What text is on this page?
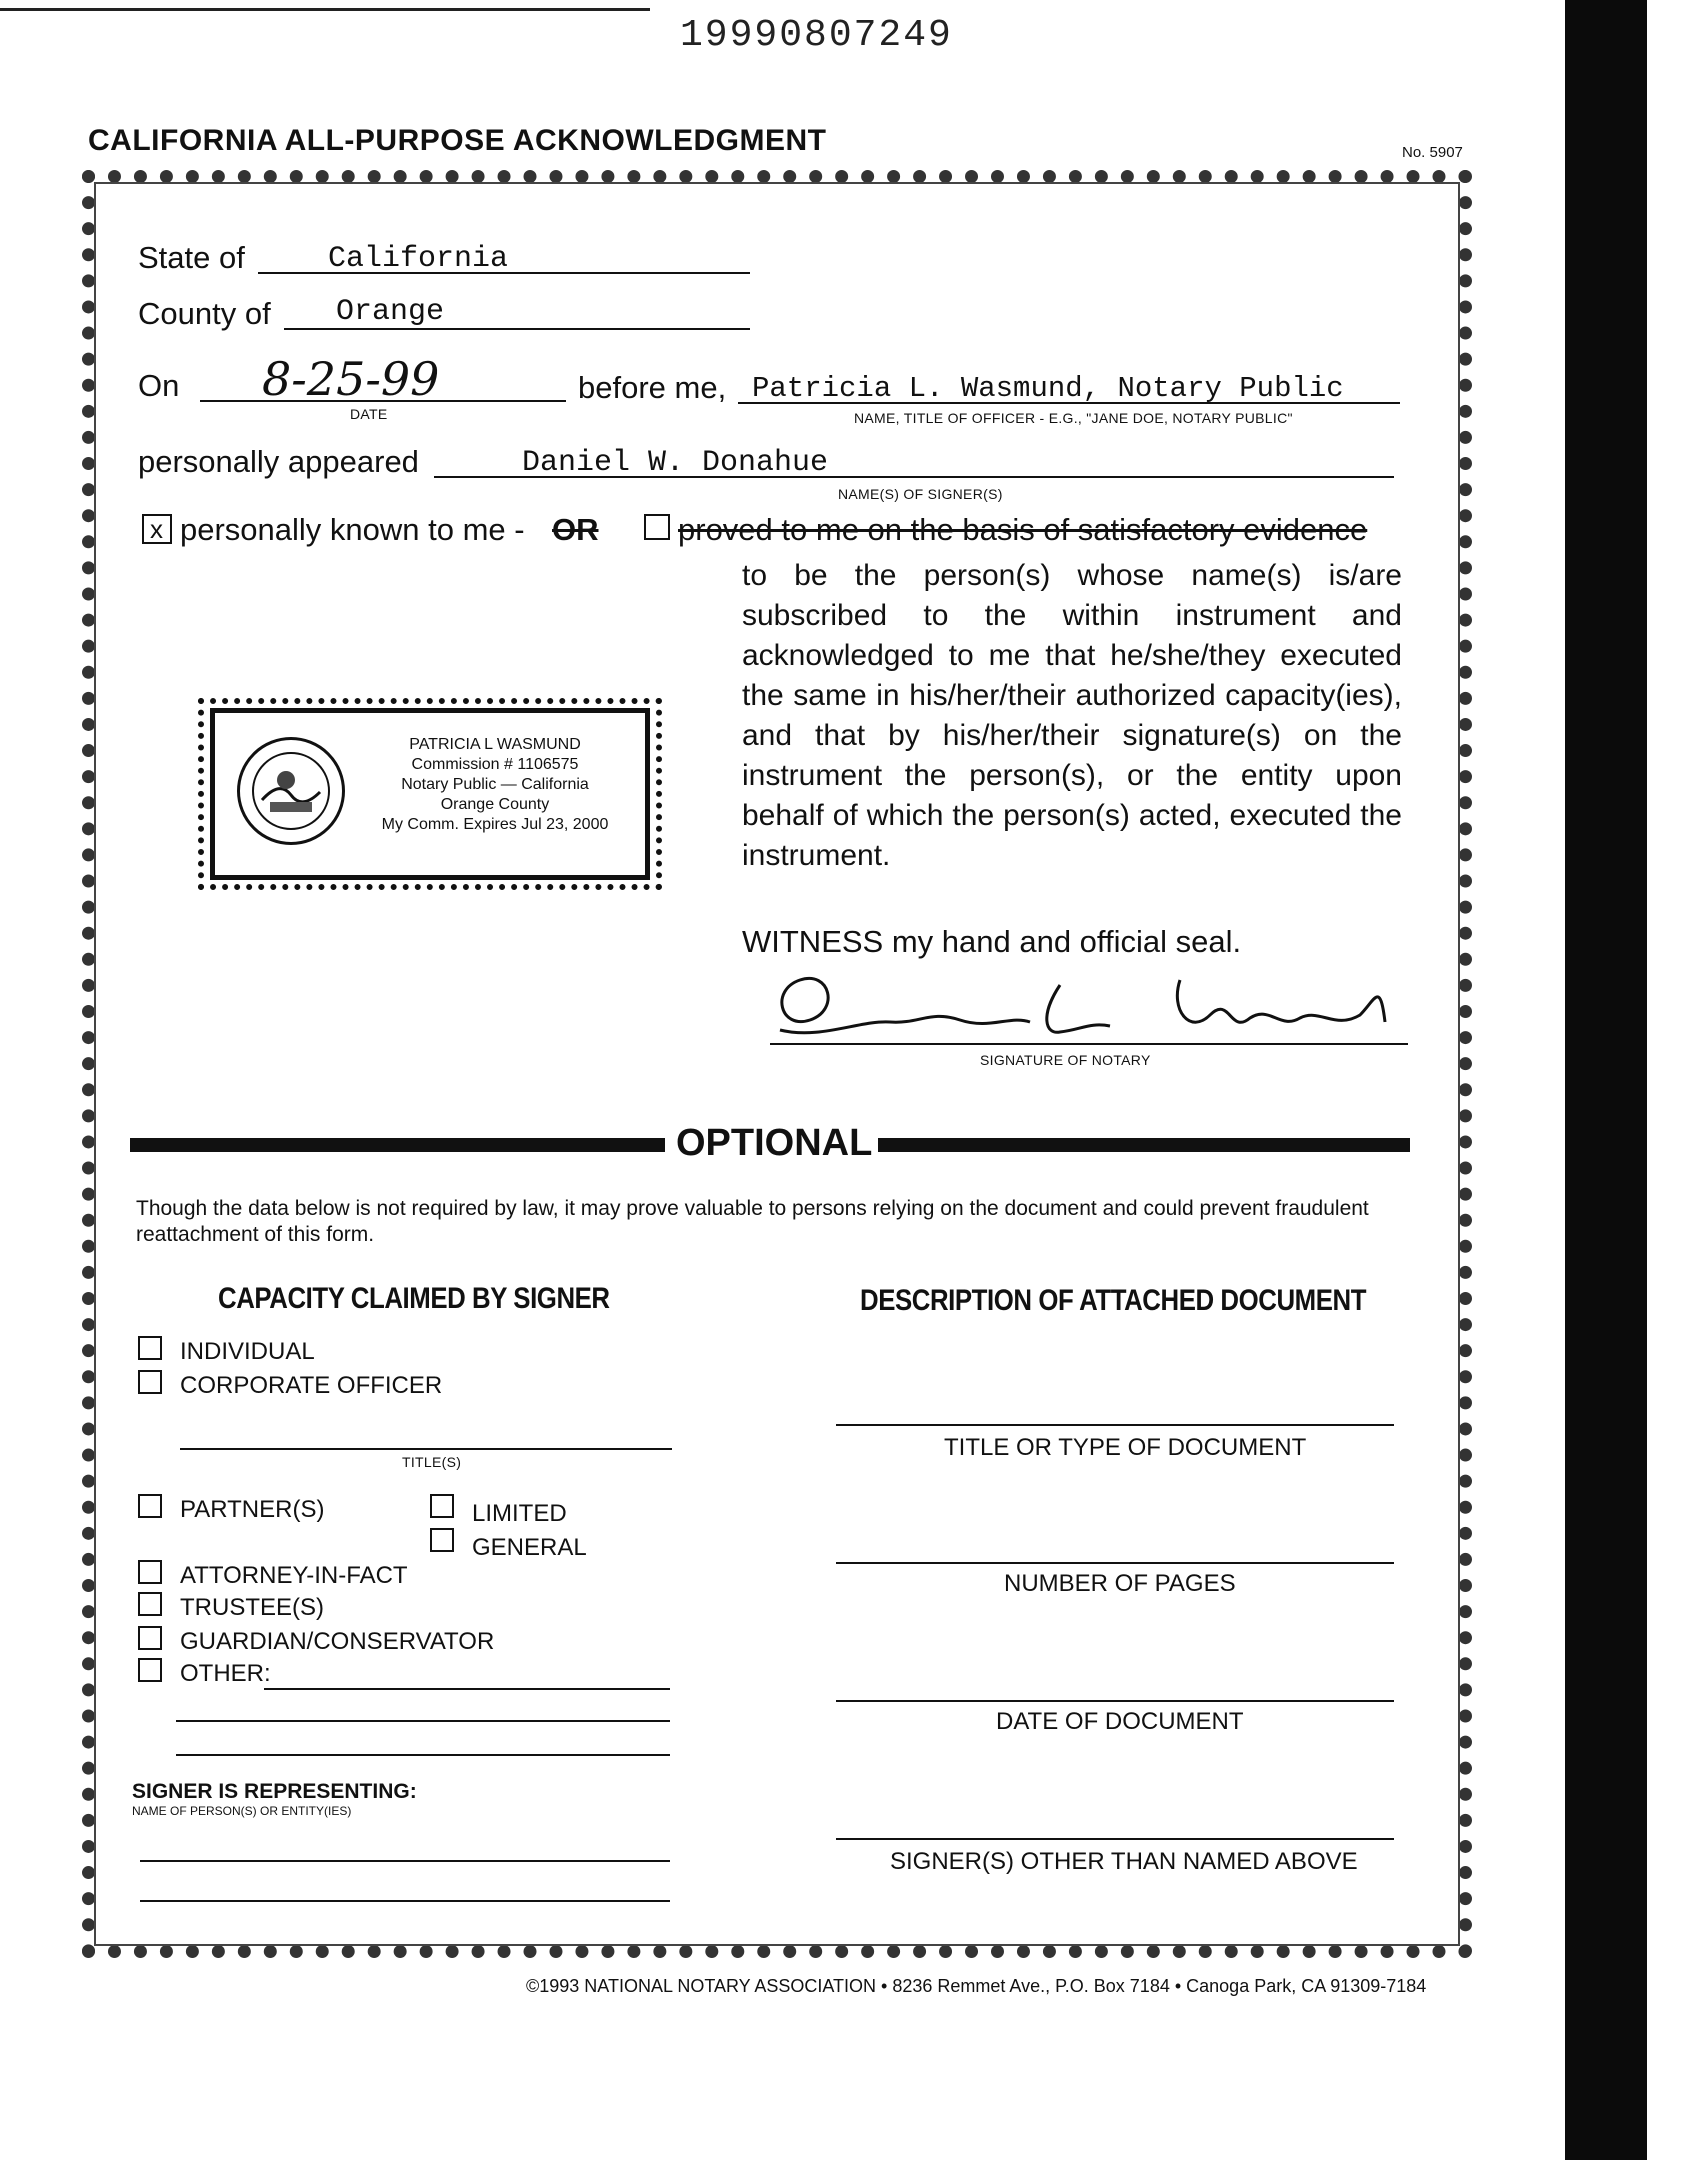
19990807249
CALIFORNIA ALL-PURPOSE ACKNOWLEDGMENT	No. 5907
State of	California
County of Orange
On 8-25-99
DATE
before me, Patricia L. Wasmund, Notary Public
NAME, TITLE OF OFFICER - E.G., "JANE DOE, NOTARY PUBLIC"
personally appeared	Daniel W. Donahue
NAME(S) OF SIGNER(S)
x personally known to me - OR	proved to me on the basis of satisfactory evidence
to be the person(s) whose name(s) is/are subscribed to the within instrument and acknowledged to me that he/she/they executed the same in his/her/their authorized capacity(ies), and that by his/her/their signature(s) on the instrument the person(s), or the entity upon behalf of which the person(s) acted, executed the instrument.
PATRICIA L WASMUND
Commission # 1106575
Notary Public — California
Orange County
My Comm. Expires Jul 23, 2000
WITNESS my hand and official seal.
SIGNATURE OF NOTARY
OPTIONAL
Though the data below is not required by law, it may prove valuable to persons relying on the document and could prevent fraudulent reattachment of this form.
CAPACITY CLAIMED BY SIGNER
INDIVIDUAL
CORPORATE OFFICER
TITLE(S)
PARTNER(S)	LIMITED
GENERAL
ATTORNEY-IN-FACT
TRUSTEE(S)
GUARDIAN/CONSERVATOR
OTHER:
SIGNER IS REPRESENTING:
NAME OF PERSON(S) OR ENTITY(IES)
DESCRIPTION OF ATTACHED DOCUMENT
TITLE OR TYPE OF DOCUMENT
NUMBER OF PAGES
DATE OF DOCUMENT
SIGNER(S) OTHER THAN NAMED ABOVE
©1993 NATIONAL NOTARY ASSOCIATION • 8236 Remmet Ave., P.O. Box 7184 • Canoga Park, CA 91309-7184
